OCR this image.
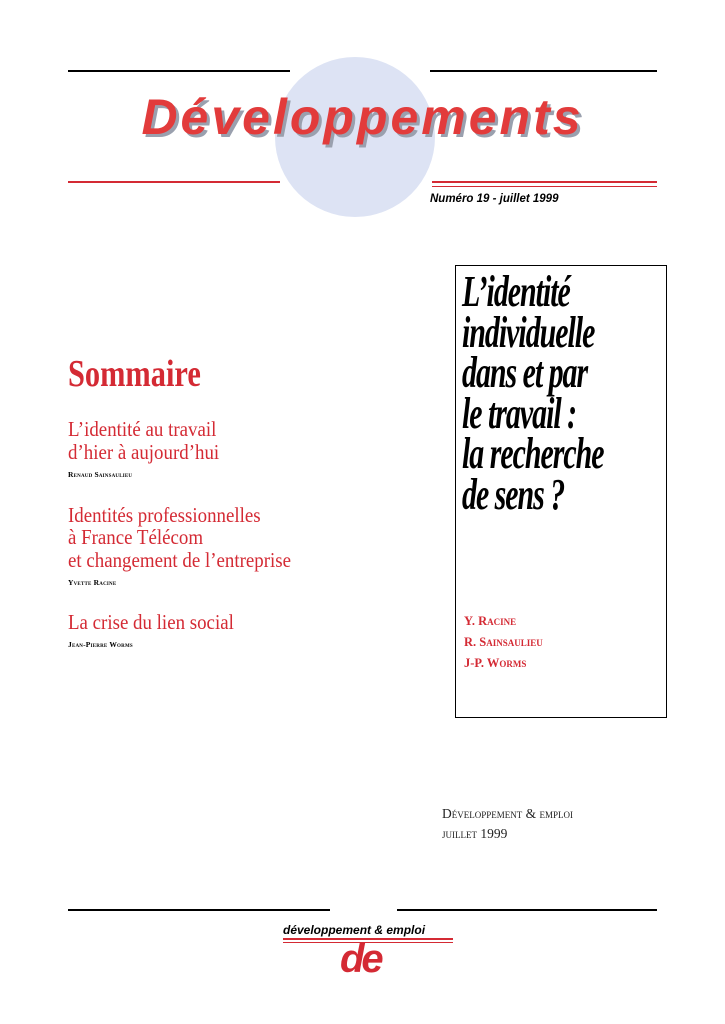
Développements
Numéro 19 - juillet 1999
Sommaire
L’identité au travail
d’hier à aujourd’hui
Renaud Sainsaulieu
Identités professionnelles
à France Télécom
et changement de l’entreprise
Yvette Racine
La crise du lien social
Jean-Pierre Worms
L’identité
individuelle
dans et par
le travail :
la recherche
de sens ?
Y. Racine
R. Sainsaulieu
J-P. Worms
Développement & emploi
juillet 1999
développement & emploi
de
